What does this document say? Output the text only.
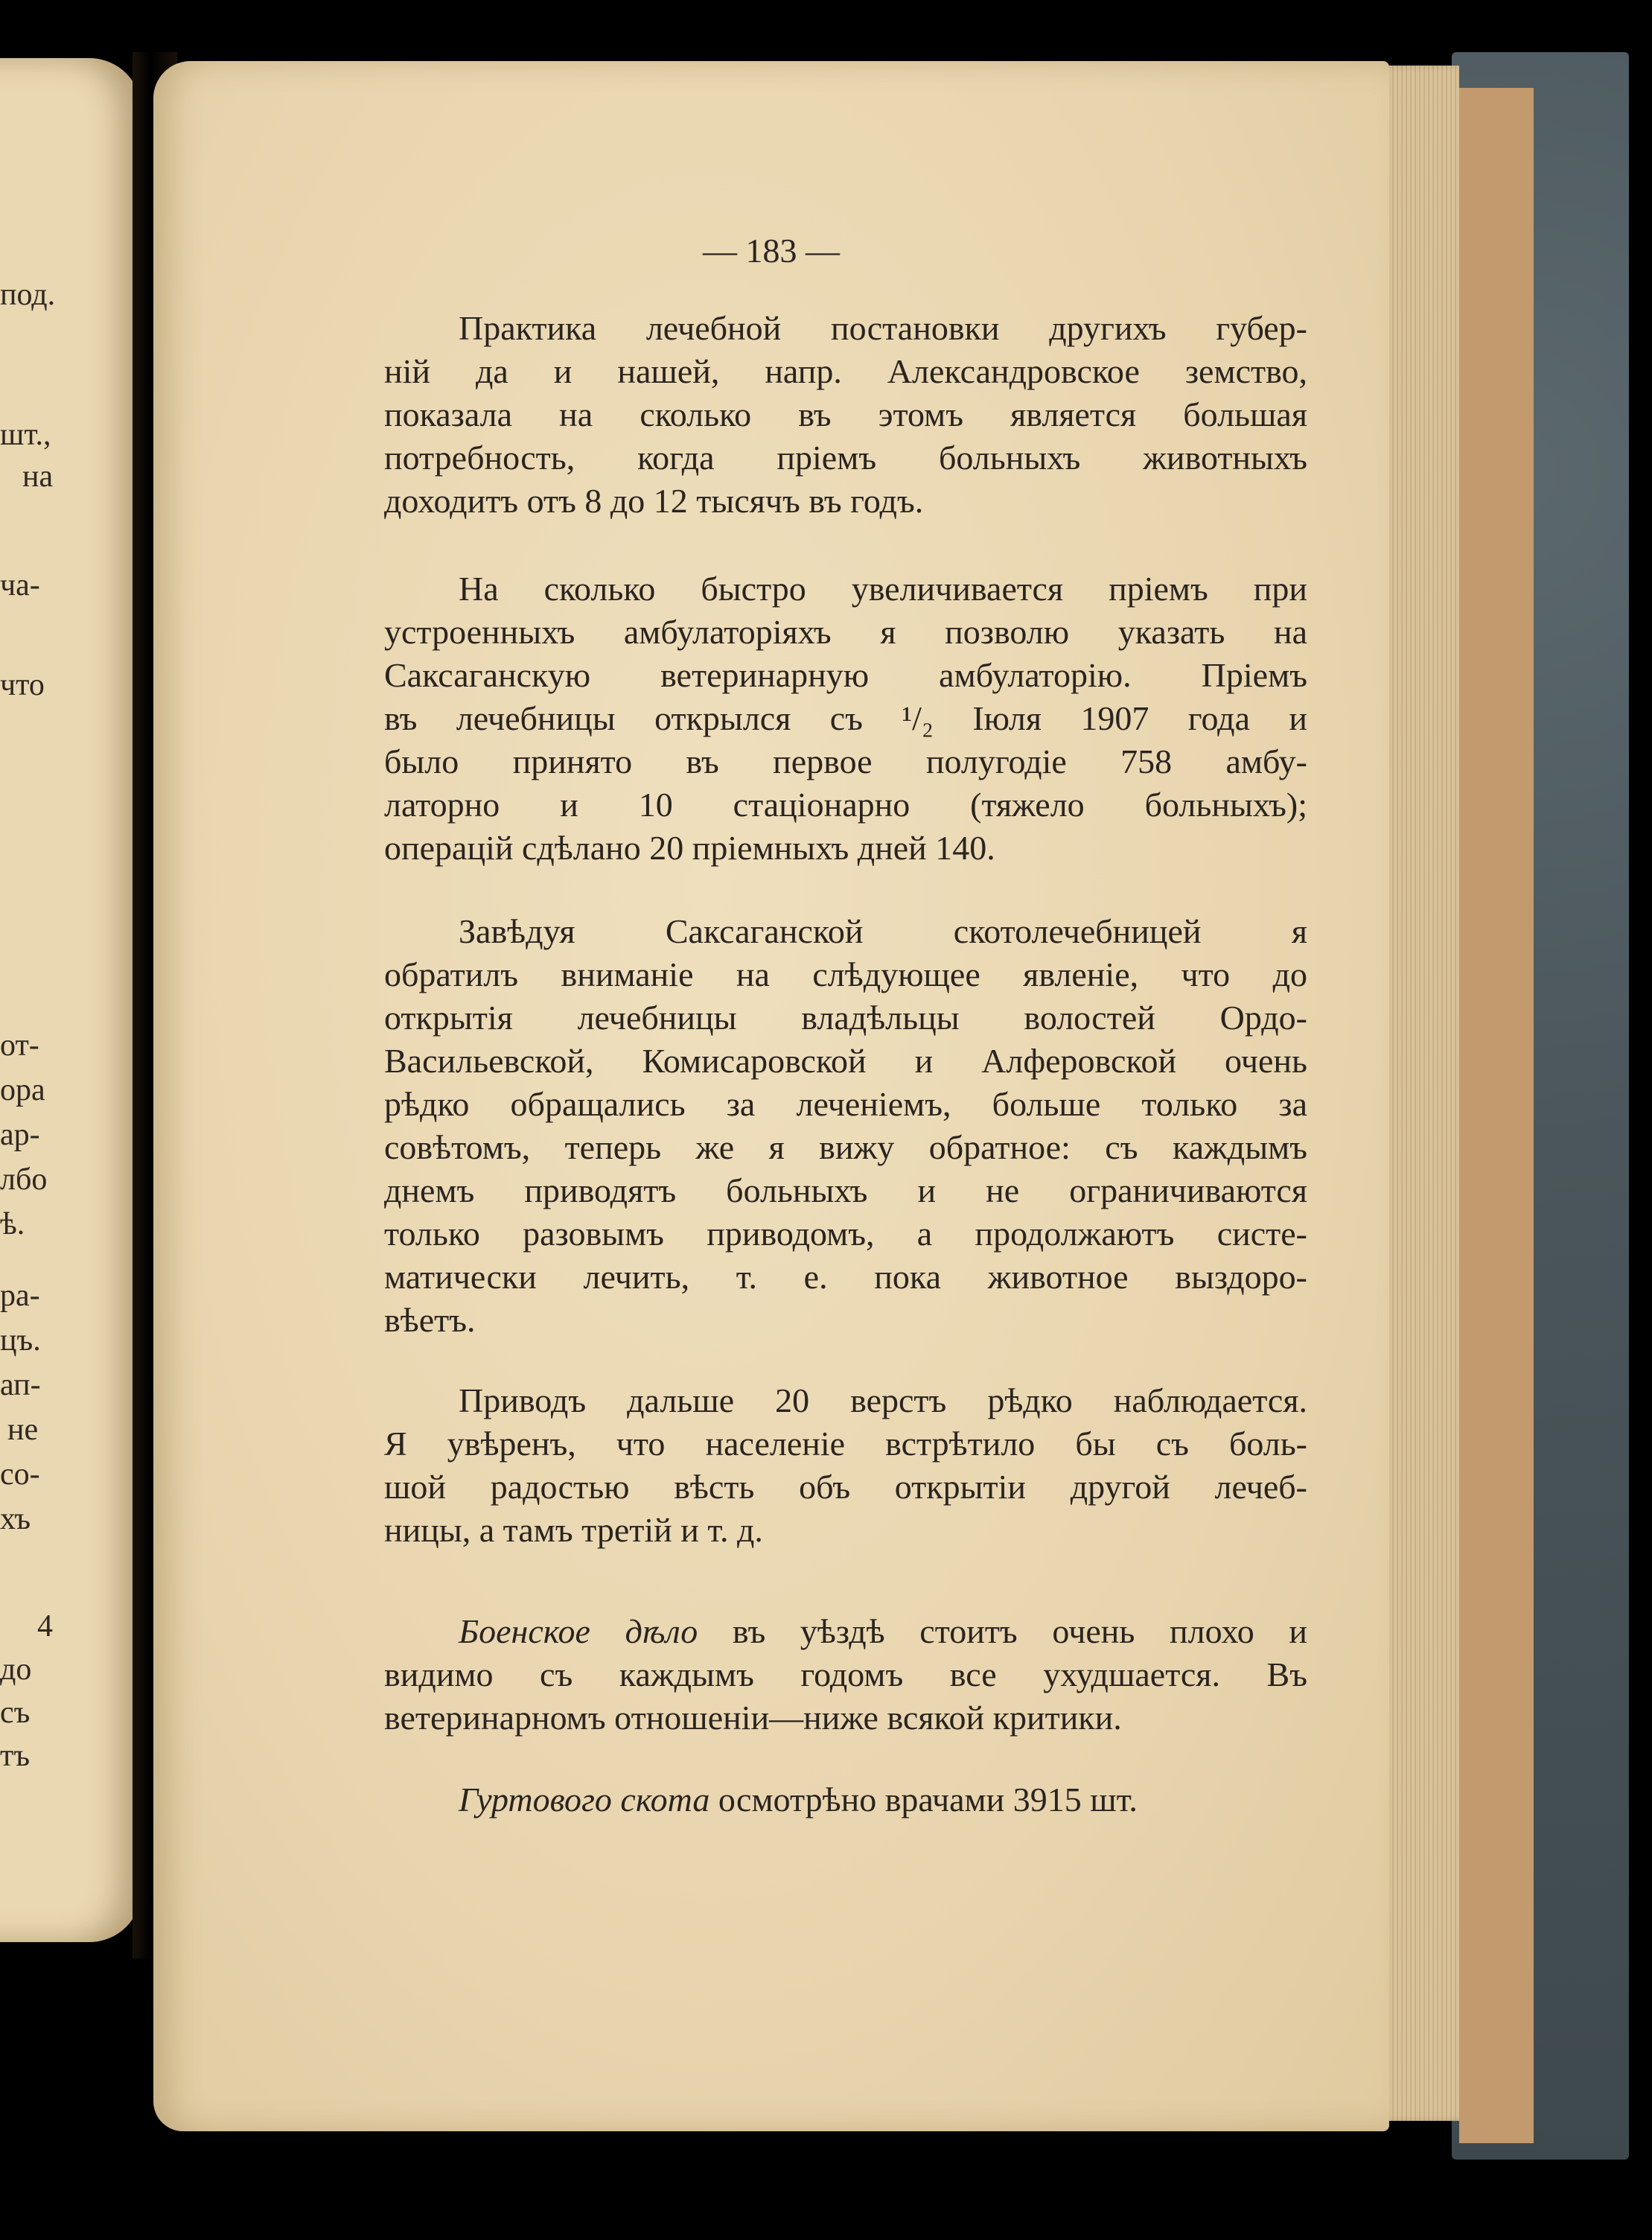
под.
шт.,
на
ча-
что
от-
ора
ар-
лбо
ѣ.
ра-
цъ.
ап-
не
со-
хъ
4
до
съ
тъ
— 183 —
Практика лечебной постановки другихъ губер-
ній да и нашей, напр. Александровское земство,
показала на сколько въ этомъ является большая
потребность, когда пріемъ больныхъ животныхъ
доходитъ отъ 8 до 12 тысячъ въ годъ.
На сколько быстро увеличивается пріемъ при
устроенныхъ амбулаторіяхъ я позволю указать на
Саксаганскую ветеринарную амбулаторію. Пріемъ
въ лечебницы открылся съ ¹/₂ Іюля 1907 года и
было принято въ первое полугодіе 758 амбу-
латорно и 10 стаціонарно (тяжело больныхъ);
операцій сдѣлано 20 пріемныхъ дней 140.
Завѣдуя Саксаганской скотолечебницей я
обратилъ вниманіе на слѣдующее явленіе, что до
открытія лечебницы владѣльцы волостей Ордо-
Васильевской, Комисаровской и Алферовской очень
рѣдко обращались за леченіемъ, больше только за
совѣтомъ, теперь же я вижу обратное: съ каждымъ
днемъ приводятъ больныхъ и не ограничиваются
только разовымъ приводомъ, а продолжаютъ систе-
матически лечить, т. е. пока животное выздоро-
вѣетъ.
Приводъ дальше 20 верстъ рѣдко наблюдается.
Я увѣренъ, что населеніе встрѣтило бы съ боль-
шой радостью вѣсть объ открытіи другой лечеб-
ницы, а тамъ третій и т. д.
Боенское дѣло въ уѣздѣ стоитъ очень плохо и
видимо съ каждымъ годомъ все ухудшается. Въ
ветеринарномъ отношеніи—ниже всякой критики.
Гуртового скота осмотрѣно врачами 3915 шт.
